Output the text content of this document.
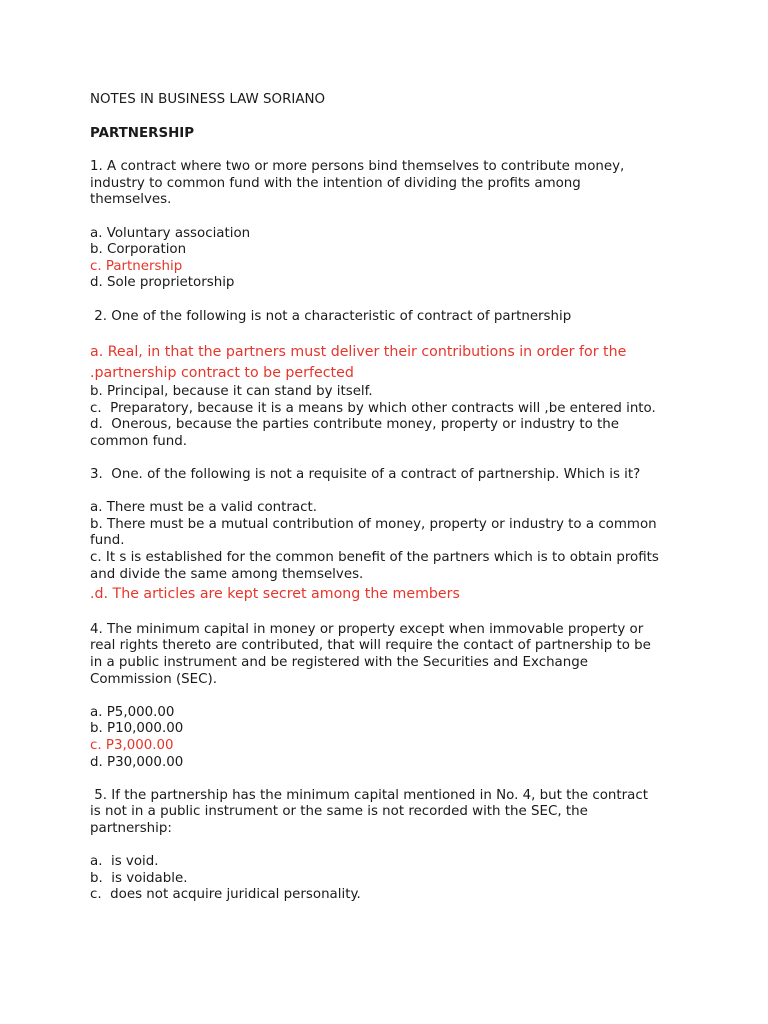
NOTES IN BUSINESS LAW SORIANO
PARTNERSHIP
1. A contract where two or more persons bind themselves to contribute money,
industry to common fund with the intention of dividing the profits among
themselves.
a. Voluntary association
b. Corporation
c. Partnership
d. Sole proprietorship
2. One of the following is not a characteristic of contract of partnership
a. Real, in that the partners must deliver their contributions in order for the
.partnership contract to be perfected
b. Principal, because it can stand by itself.
c.  Preparatory, because it is a means by which other contracts will ,be entered into.
d.  Onerous, because the parties contribute money, property or industry to the
common fund.
3.  One. of the following is not a requisite of a contract of partnership. Which is it?
a. There must be a valid contract.
b. There must be a mutual contribution of money, property or industry to a common
fund.
c. It s is established for the common benefit of the partners which is to obtain profits
and divide the same among themselves.
.d. The articles are kept secret among the members
4. The minimum capital in money or property except when immovable property or
real rights thereto are contributed, that will require the contact of partnership to be
in a public instrument and be registered with the Securities and Exchange
Commission (SEC).
a. P5,000.00
b. P10,000.00
c. P3,000.00
d. P30,000.00
5. If the partnership has the minimum capital mentioned in No. 4, but the contract
is not in a public instrument or the same is not recorded with the SEC, the
partnership:
a.  is void.
b.  is voidable.
c.  does not acquire juridical personality.
